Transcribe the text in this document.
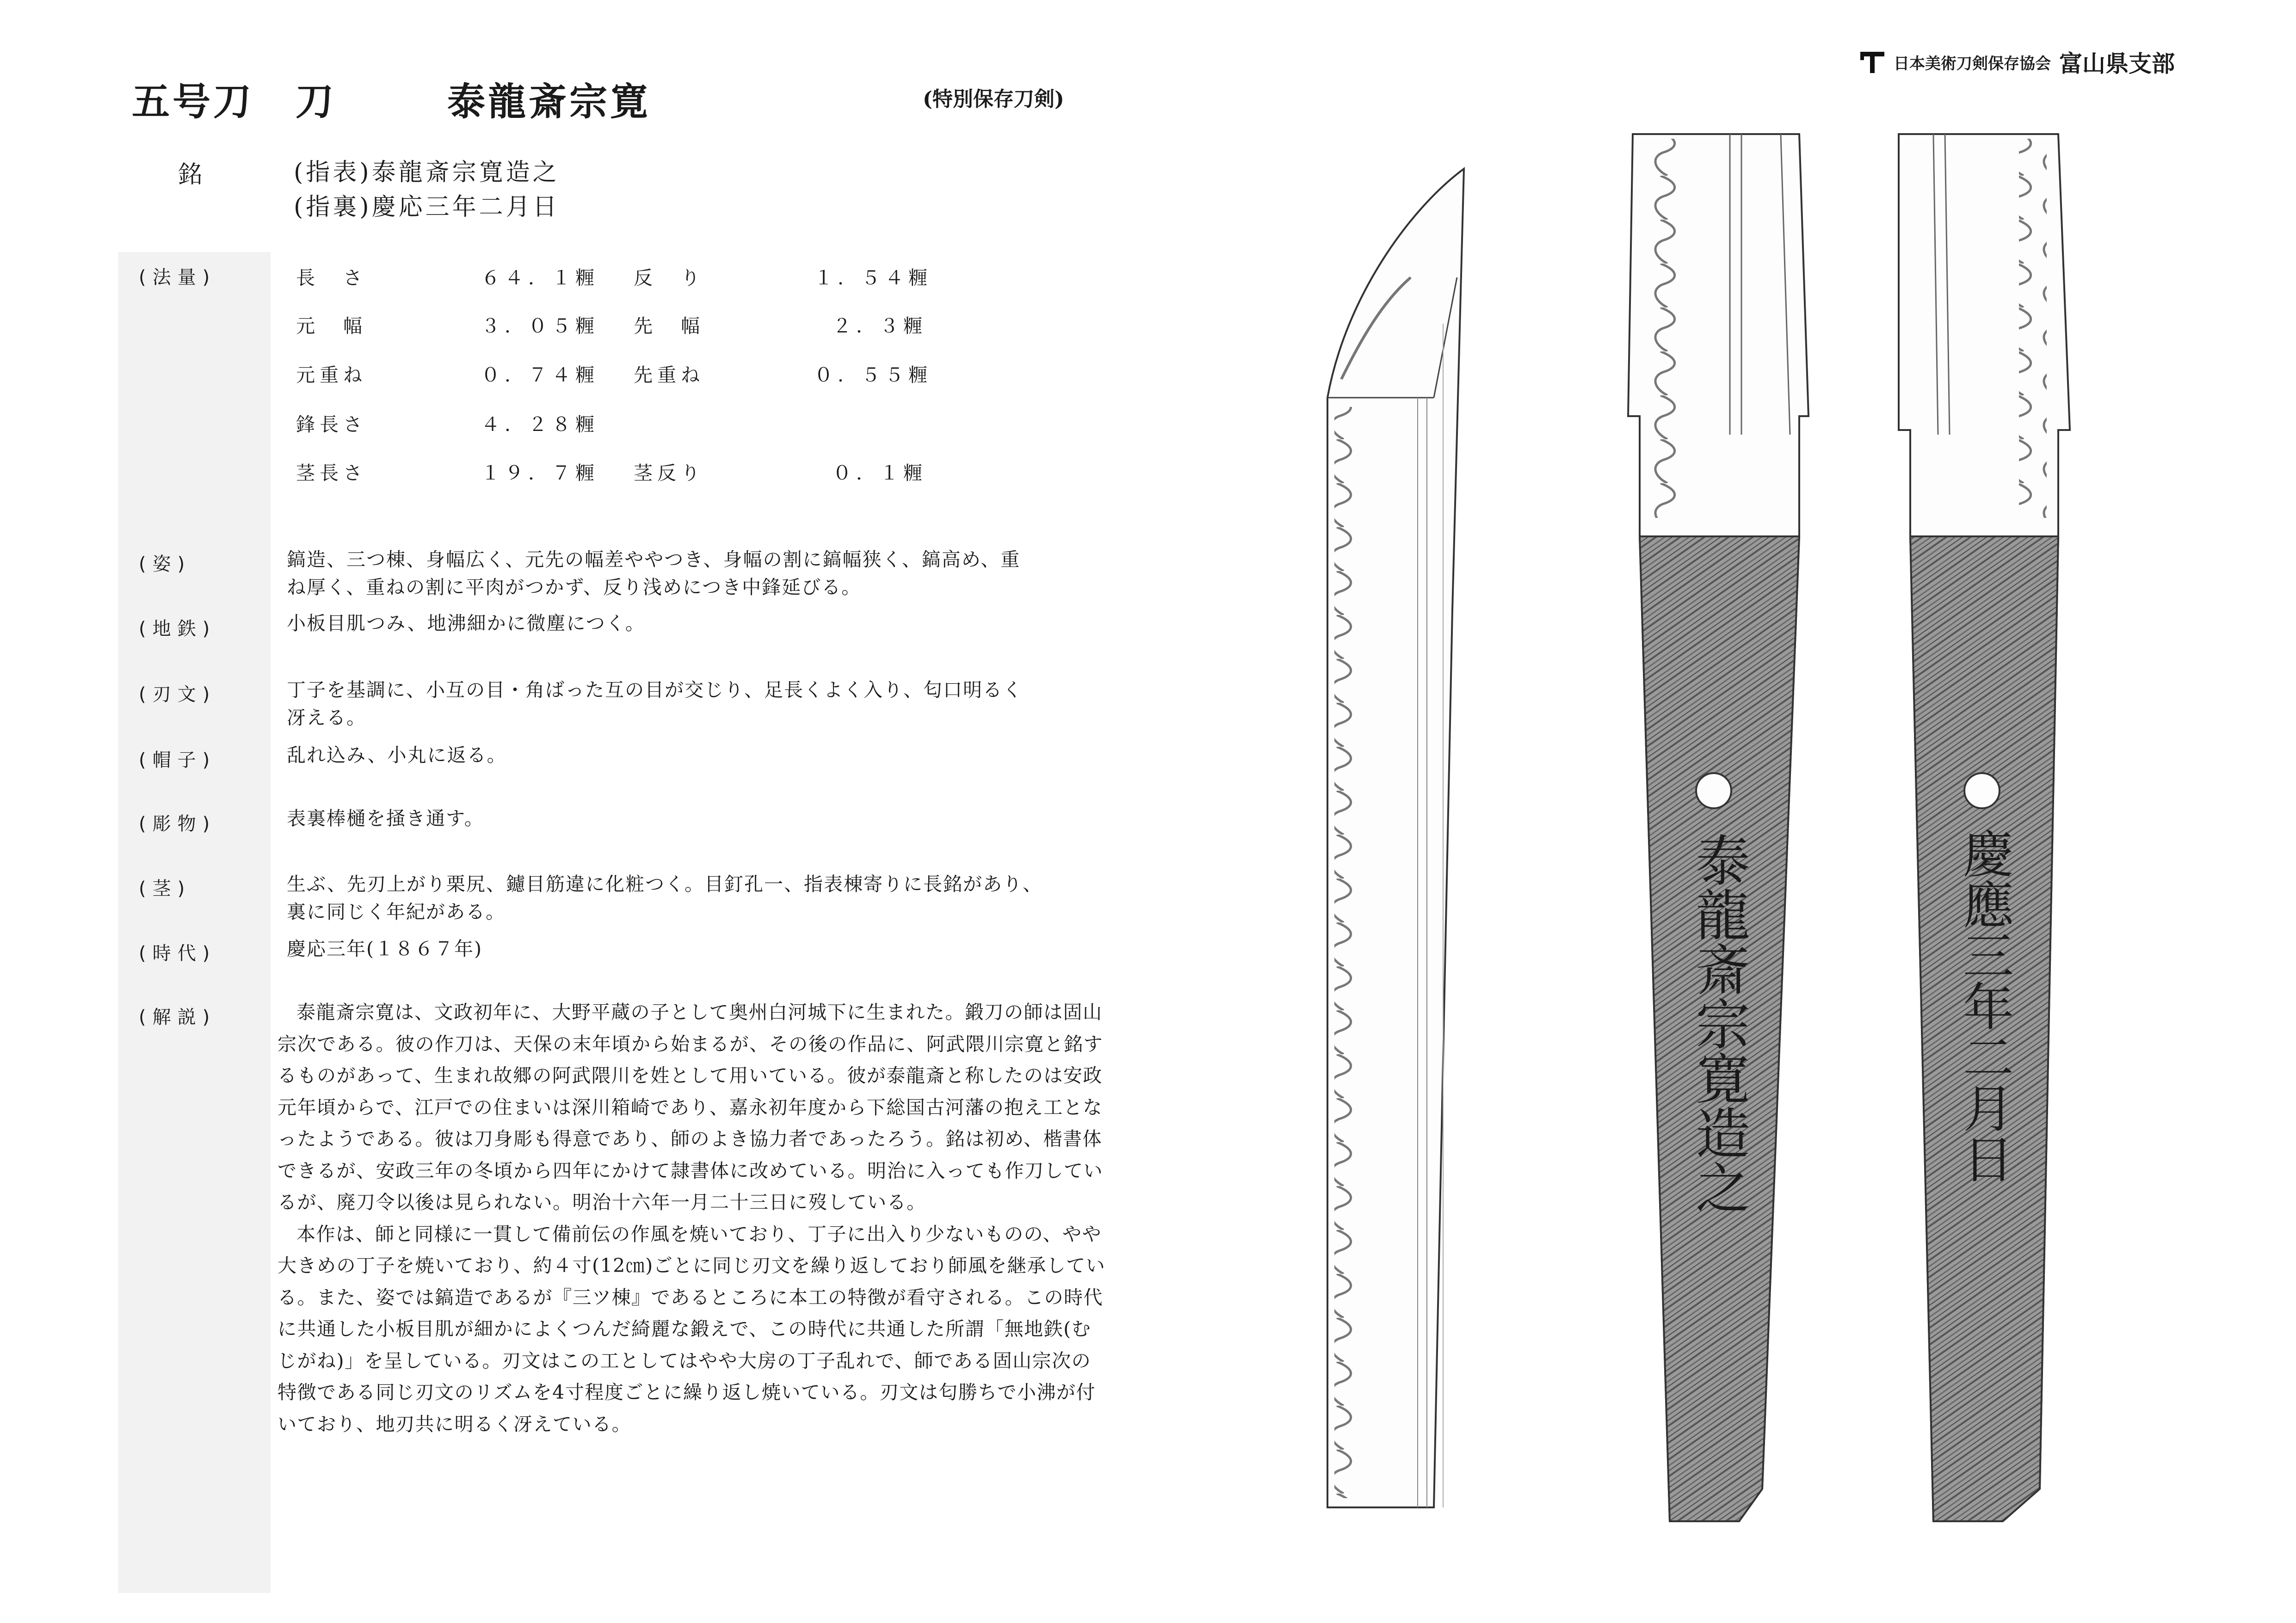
五号刀 刀	泰龍斎宗寛	(特別保存刀剣)
日本美術刀剣保存協会 富山県支部
銘	(指表)泰龍斎宗寛造之
(指裏)慶応三年二月日
(法量)	長　さ	６４．１糎 反　り	１．５４糎
元　幅	３．０５糎 先　幅	２．３糎
元重ね	０．７４糎 先重ね	０．５５糎
鋒長さ	４．２８糎
茎長さ	１９．７糎 茎反り	０．１糎
(姿)	鎬造、三つ棟、身幅広く、元先の幅差ややつき、身幅の割に鎬幅狭く、鎬高め、重
ね厚く、重ねの割に平肉がつかず、反り浅めにつき中鋒延びる。
(地鉄)	小板目肌つみ、地沸細かに微塵につく。
(刃文)	丁子を基調に、小互の目・角ばった互の目が交じり、足長くよく入り、匂口明るく
冴える。
(帽子)	乱れ込み、小丸に返る。
(彫物)	表裏棒樋を掻き通す。
(茎)	生ぶ、先刃上がり栗尻、鑢目筋違に化粧つく。目釘孔一、指表棟寄りに長銘があり、
裏に同じく年紀がある。
(時代)	慶応三年(１８６７年)
(解説)	泰龍斎宗寛は、文政初年に、大野平蔵の子として奥州白河城下に生まれた。鍛刀の師は固山宗次である。彼の作刀は、天保の末年頃から始まるが、その後の作品に、阿武隈川宗寛と銘するものがあって、生まれ故郷の阿武隈川を姓として用いている。彼が泰龍斎と称したのは安政元年頃からで、江戸での住まいは深川箱崎であり、嘉永初年度から下総国古河藩の抱え工となったようである。彼は刀身彫も得意であり、師のよき協力者であったろう。銘は初め、楷書体できるが、安政三年の冬頃から四年にかけて隷書体に改めている。明治に入っても作刀しているが、廃刀令以後は見られない。明治十六年一月二十三日に歿している。

本作は、師と同様に一貫して備前伝の作風を焼いており、丁子に出入り少ないものの、やや大きめの丁子を焼いており、約４寸(12㎝)ごとに同じ刃文を繰り返しており師風を継承している。また、姿では鎬造であるが『三ツ棟』であるところに本工の特徴が看守される。この時代に共通した小板目肌が細かによくつんだ綺麗な鍛えで、この時代に共通した所謂「無地鉄(むじがね)」を呈している。刃文はこの工としてはやや大房の丁子乱れで、師である固山宗次の特徴である同じ刃文のリズムを4寸程度ごとに繰り返し焼いている。刃文は匂勝ちで小沸が付いており、地刃共に明るく冴えている。

泰龍斎宗寛造之	慶應三年二月日
